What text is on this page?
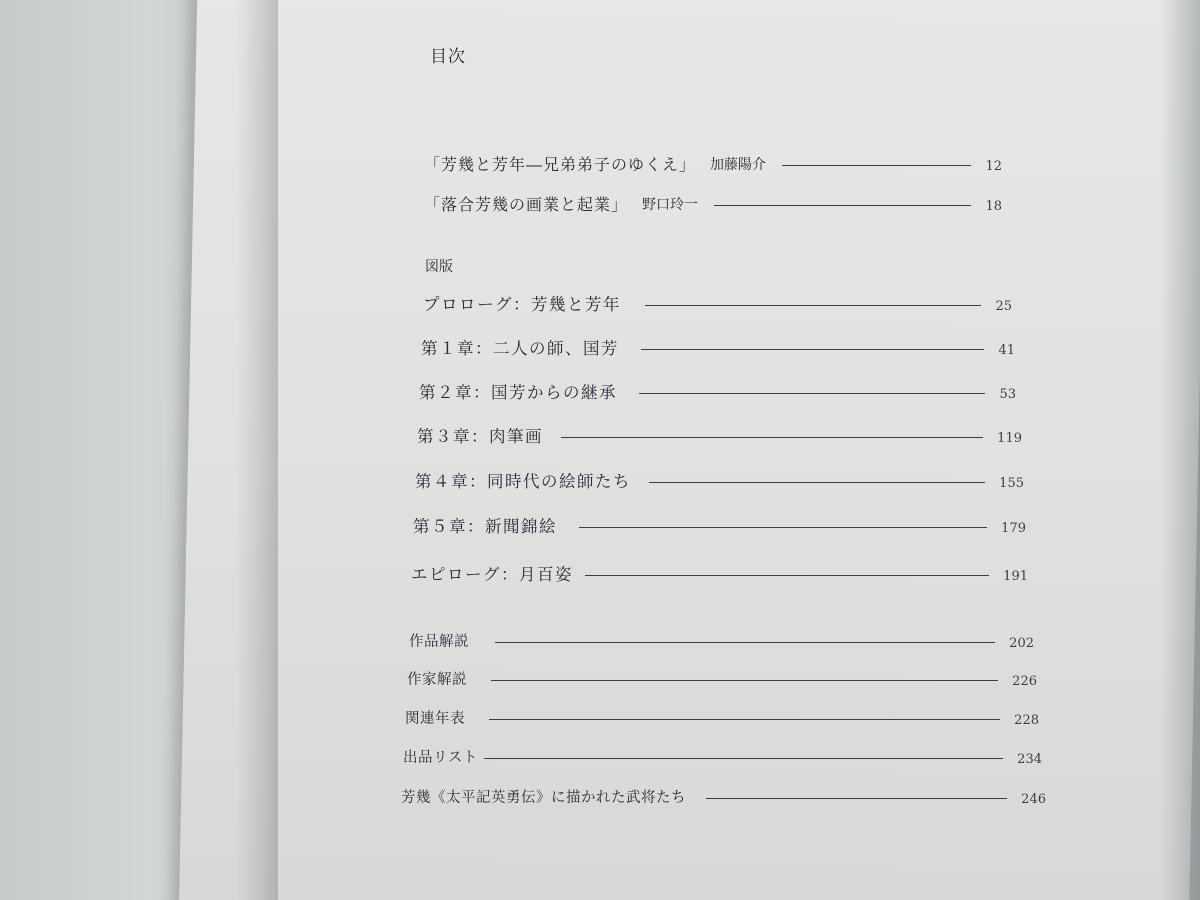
目次
「芳幾と芳年―兄弟弟子のゆくえ」 加藤陽介	12
「落合芳幾の画業と起業」 野口玲一	18
図版
プロローグ：芳幾と芳年	25
第１章：二人の師、国芳	41
第２章：国芳からの継承	53
第３章：肉筆画	119
第４章：同時代の絵師たち	155
第５章：新聞錦絵	179
エピローグ：月百姿	191
作品解説	202
作家解説	226
関連年表	228
出品リスト	234
芳幾《太平記英勇伝》に描かれた武将たち	246
